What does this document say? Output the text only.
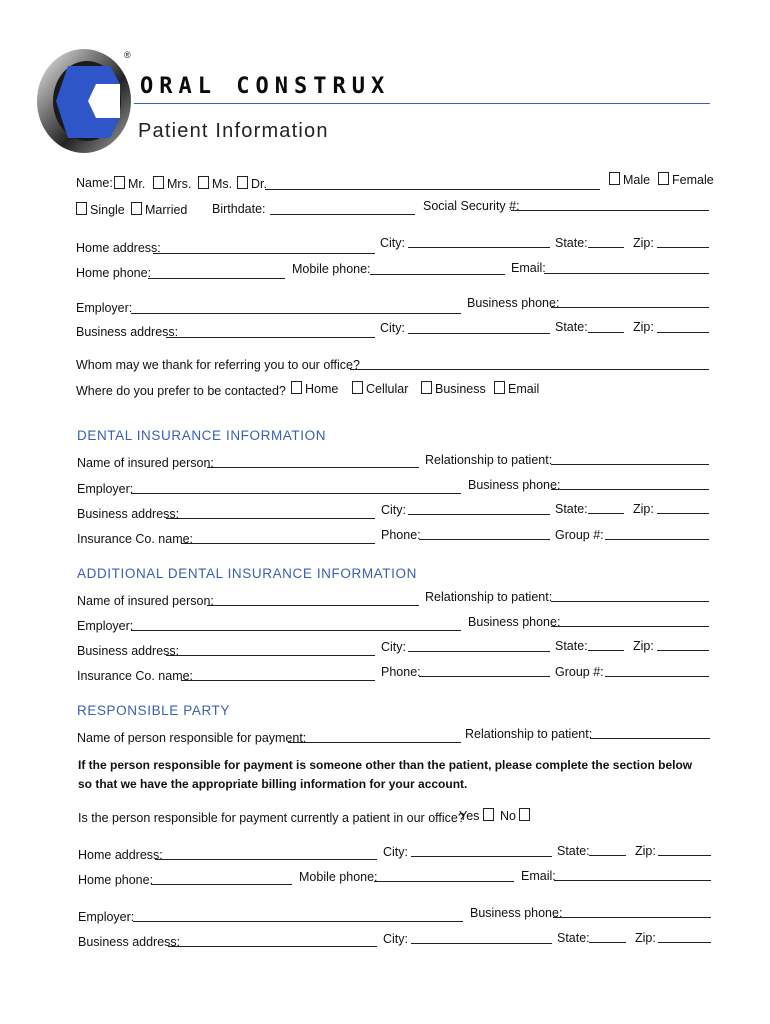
®
ORAL CONSTRUX
Patient Information
Name:	Mr.	Mrs.	Ms.	Dr.	Male	Female
Single	Married Birthdate:	Social Security #:
Home address:	City:	State:	Zip:
Home phone:	Mobile phone:	Email:
Employer:	Business phone:
Business address:	City:	State:	Zip:
Whom may we thank for referring you to our office?
Where do you prefer to be contacted?	Home	Cellular	Business	Email
DENTAL INSURANCE INFORMATION
Name of insured person:	Relationship to patient:
Employer:	Business phone:
Business address:	City:	State:	Zip:
Insurance Co. name:	Phone:	Group #:
ADDITIONAL DENTAL INSURANCE INFORMATION
Name of insured person:	Relationship to patient:
Employer:	Business phone:
Business address:	City:	State:	Zip:
Insurance Co. name:	Phone:	Group #:
RESPONSIBLE PARTY
Name of person responsible for payment:	Relationship to patient:
If the person responsible for payment is someone other than the patient, please complete the section below
so that we have the appropriate billing information for your account.
Is the person responsible for payment currently a patient in our office?
Yes	No
Home address:	City:	State:	Zip:
Home phone:	Mobile phone:	Email:
Employer:	Business phone:
Business address:	City:	State:	Zip:
